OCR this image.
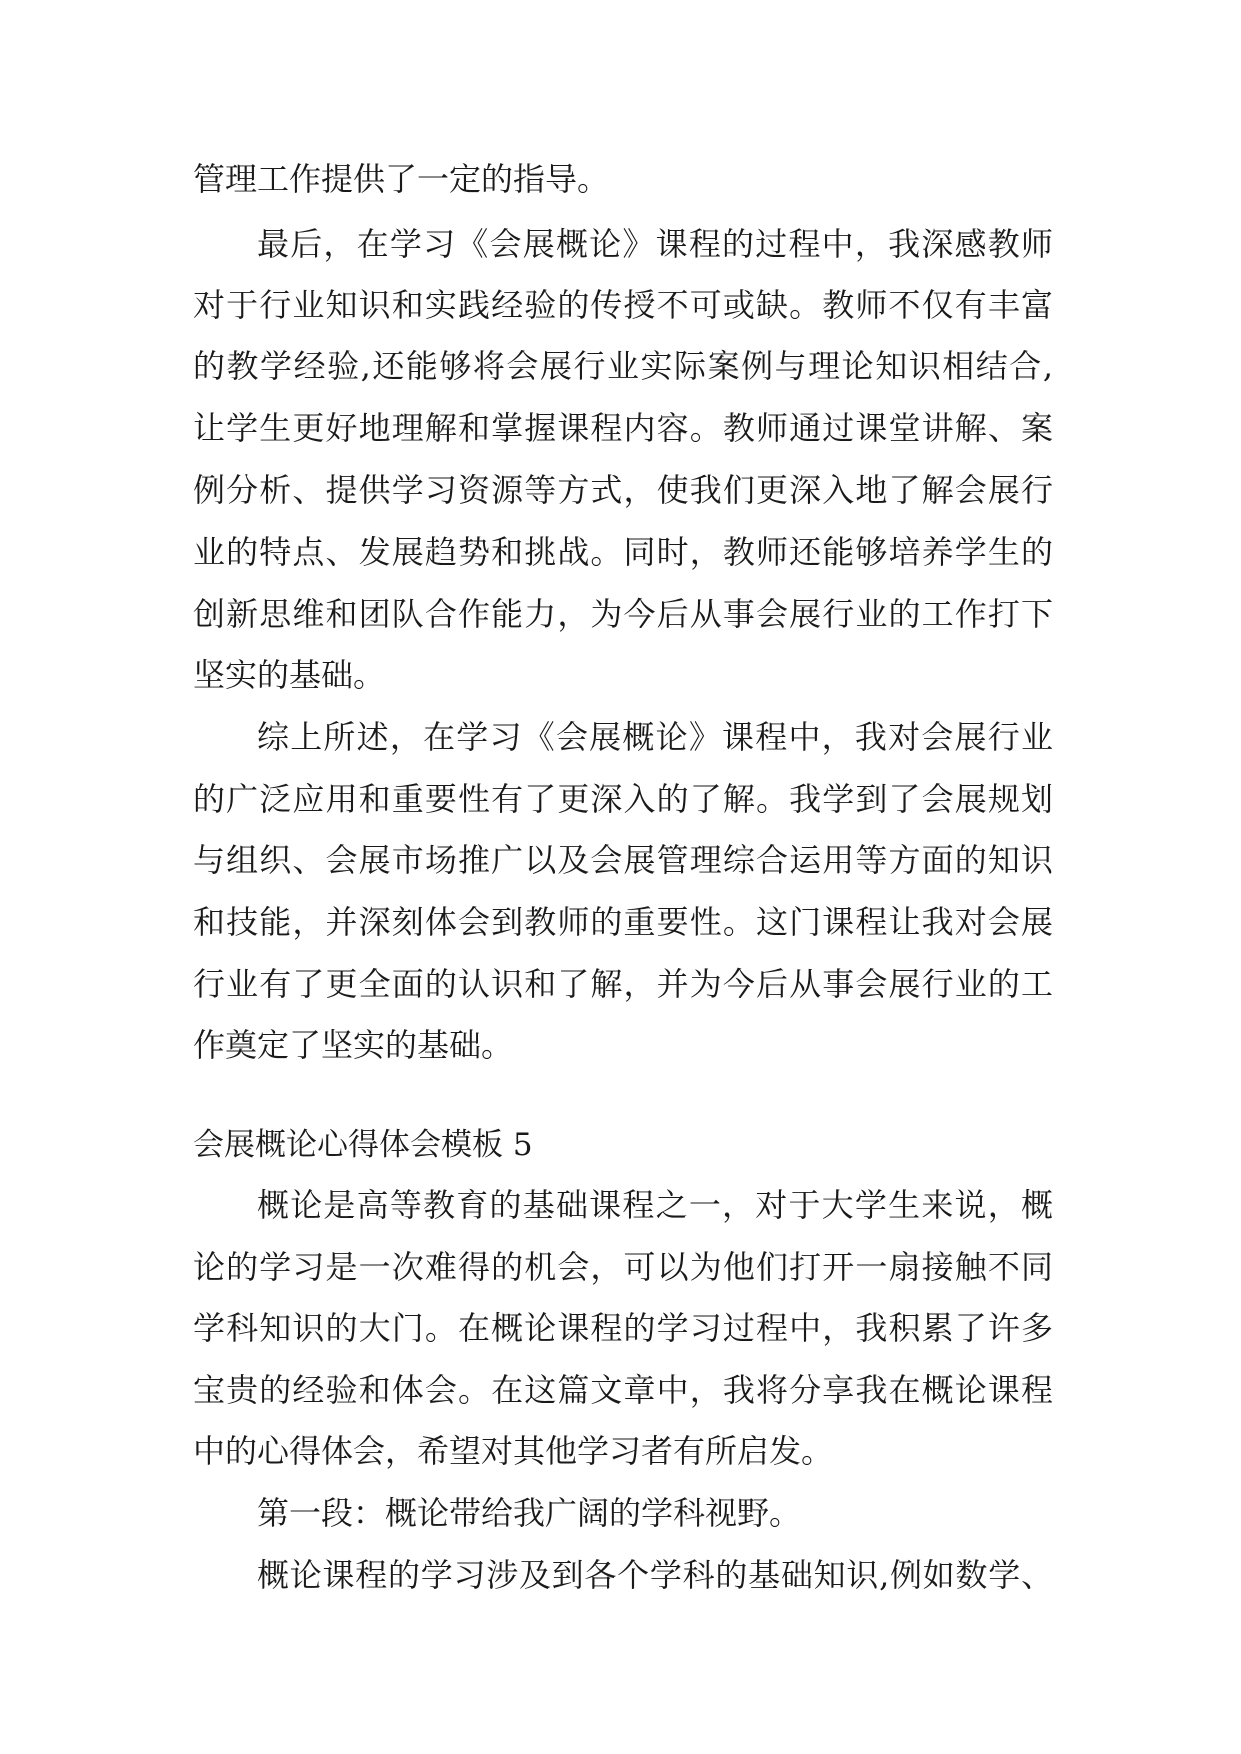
管理工作提供了一定的指导。

最后，在学习《会展概论》课程的过程中，我深感教师

对于行业知识和实践经验的传授不可或缺。教师不仅有丰富

的教学经验,还能够将会展行业实际案例与理论知识相结合,

让学生更好地理解和掌握课程内容。教师通过课堂讲解、案

例分析、提供学习资源等方式，使我们更深入地了解会展行

业的特点、发展趋势和挑战。同时，教师还能够培养学生的

创新思维和团队合作能力，为今后从事会展行业的工作打下

坚实的基础。

综上所述，在学习《会展概论》课程中，我对会展行业

的广泛应用和重要性有了更深入的了解。我学到了会展规划

与组织、会展市场推广以及会展管理综合运用等方面的知识

和技能，并深刻体会到教师的重要性。这门课程让我对会展

行业有了更全面的认识和了解，并为今后从事会展行业的工

作奠定了坚实的基础。

会展概论心得体会模板 5

概论是高等教育的基础课程之一，对于大学生来说，概

论的学习是一次难得的机会，可以为他们打开一扇接触不同

学科知识的大门。在概论课程的学习过程中，我积累了许多

宝贵的经验和体会。在这篇文章中，我将分享我在概论课程

中的心得体会，希望对其他学习者有所启发。

第一段：概论带给我广阔的学科视野。

概论课程的学习涉及到各个学科的基础知识,例如数学、
